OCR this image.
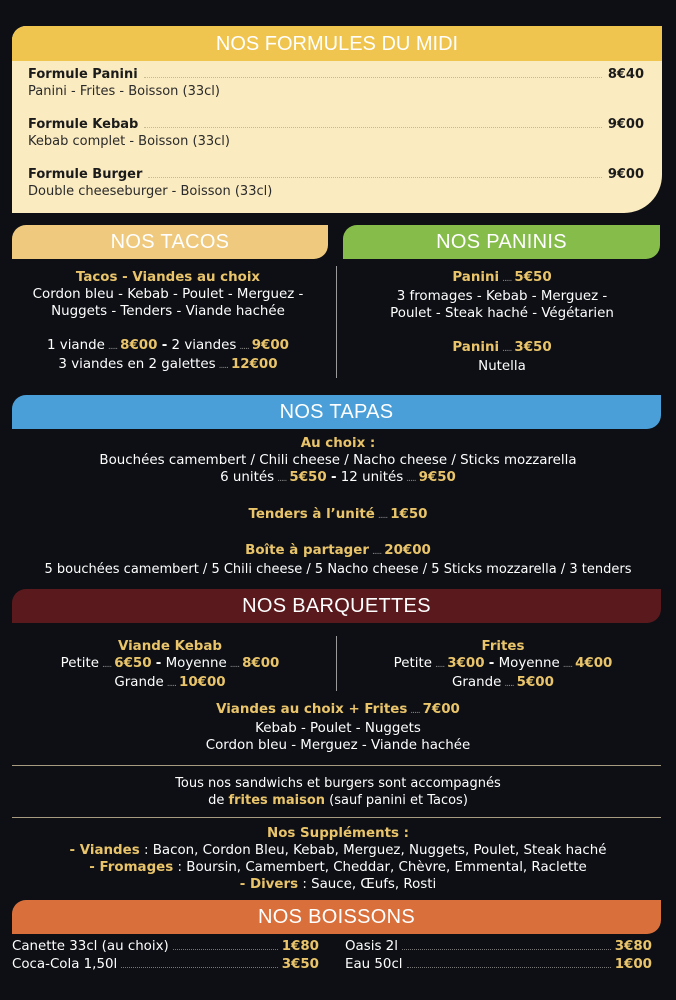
NOS FORMULES DU MIDI
Formule Panini	8€40
Panini - Frites - Boisson (33cl)
Formule Kebab	9€00
Kebab complet - Boisson (33cl)
Formule Burger	9€00
Double cheeseburger - Boisson (33cl)
NOS TACOS
Tacos - Viandes au choix
Cordon bleu - Kebab - Poulet - Merguez -
Nuggets - Tenders - Viande hachée
1 viande ..... 8€00 - 2 viandes ..... 9€00
3 viandes en 2 galettes ..... 12€00
NOS PANINIS
Panini ..... 5€50
3 fromages - Kebab - Merguez -
Poulet - Steak haché - Végétarien
Panini ..... 3€50
Nutella
NOS TAPAS
Au choix :
Bouchées camembert / Chili cheese / Nacho cheese / Sticks mozzarella
6 unités ..... 5€50 - 12 unités ..... 9€50
Tenders à l’unité ..... 1€50
Boîte à partager ..... 20€00
5 bouchées camembert / 5 Chili cheese / 5 Nacho cheese / 5 Sticks mozzarella / 3 tenders
NOS BARQUETTES
Viande Kebab
Petite ..... 6€50 - Moyenne ..... 8€00
Grande ..... 10€00
Frites
Petite ..... 3€00 - Moyenne ..... 4€00
Grande ..... 5€00
Viandes au choix + Frites ..... 7€00
Kebab - Poulet - Nuggets
Cordon bleu - Merguez - Viande hachée
Tous nos sandwichs et burgers sont accompagnés
de frites maison (sauf panini et Tacos)
Nos Suppléments :
- Viandes : Bacon, Cordon Bleu, Kebab, Merguez, Nuggets, Poulet, Steak haché
- Fromages : Boursin, Camembert, Cheddar, Chèvre, Emmental, Raclette
- Divers : Sauce, Œufs, Rosti
NOS BOISSONS
Canette 33cl (au choix)	1€80
Coca-Cola 1,50l	3€50
Oasis 2l	3€80
Eau 50cl	1€00
